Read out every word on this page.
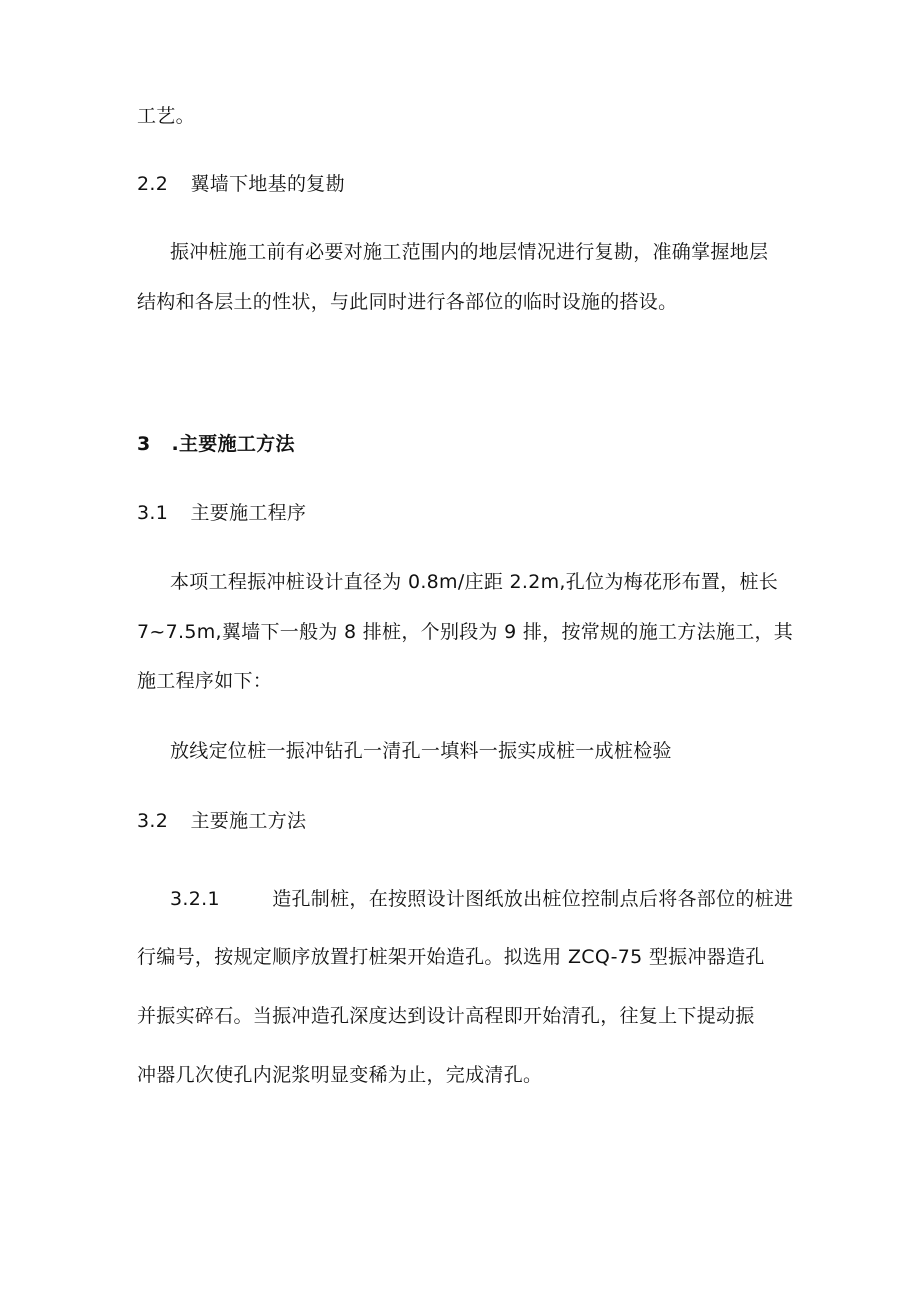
工艺。
2.2 翼墙下地基的复勘
振冲桩施工前有必要对施工范围内的地层情况进行复勘，准确掌握地层
结构和各层土的性状，与此同时进行各部位的临时设施的搭设。
3 .主要施工方法
3.1 主要施工程序
本项工程振冲桩设计直径为 0.8m∕庄距 2.2m,孔位为梅花形布置，桩长
7~7.5m,翼墙下一般为 8 排桩，个别段为 9 排，按常规的施工方法施工，其
施工程序如下：
放线定位桩一振冲钻孔一清孔一填料一振实成桩一成桩检验
3.2 主要施工方法
3.2.1	造孔制桩，在按照设计图纸放出桩位控制点后将各部位的桩进
行编号，按规定顺序放置打桩架开始造孔。拟选用 ZCQ-75 型振冲器造孔
并振实碎石。当振冲造孔深度达到设计高程即开始清孔，往复上下提动振
冲器几次使孔内泥浆明显变稀为止，完成清孔。
